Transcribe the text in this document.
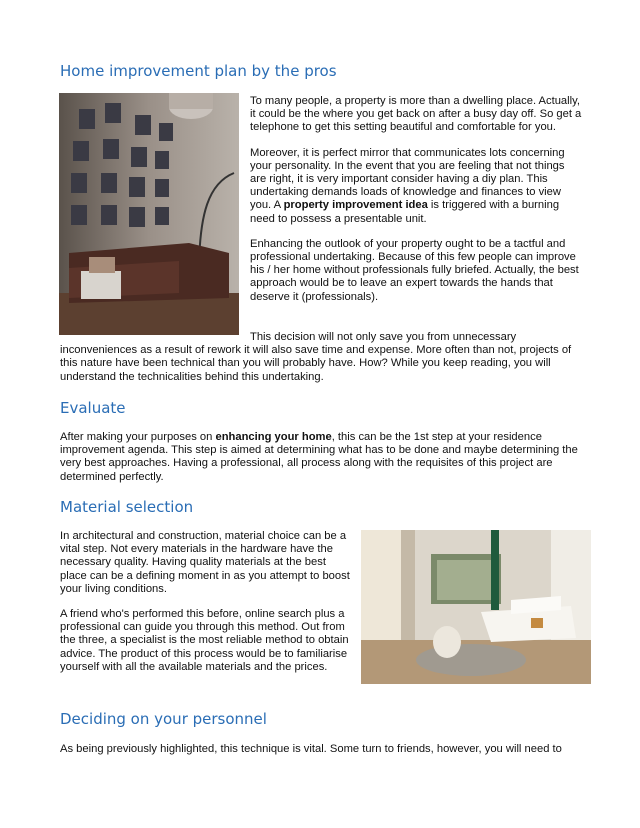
Home improvement plan by the pros

To many people, a property is more than a dwelling place. Actually, it could be the where you get back on after a busy day off. So get a telephone to get this setting beautiful and comfortable for you.

Moreover, it is perfect mirror that communicates lots concerning your personality. In the event that you are feeling that not things are right, it is very important consider having a diy plan. This undertaking demands loads of knowledge and finances to view you. A property improvement idea is triggered with a burning need to possess a presentable unit.

Enhancing the outlook of your property ought to be a tactful and professional undertaking. Because of this few people can improve his / her home without professionals fully briefed. Actually, the best approach would be to leave an expert towards the hands that deserve it (professionals).

This decision will not only save you from unnecessary inconveniences as a result of rework it will also save time and expense. More often than not, projects of this nature have been technical than you will probably have. How? While you keep reading, you will understand the technicalities behind this undertaking.

Evaluate

After making your purposes on enhancing your home, this can be the 1st step at your residence improvement agenda. This step is aimed at determining what has to be done and maybe determining the very best approaches. Having a professional, all process along with the requisites of this project are determined perfectly.

Material selection

In architectural and construction, material choice can be a vital step. Not every materials in the hardware have the necessary quality. Having quality materials at the best place can be a defining moment in as you attempt to boost your living conditions.

A friend who's performed this before, online search plus a professional can guide you through this method. Out from the three, a specialist is the most reliable method to obtain advice. The product of this process would be to familiarise yourself with all the available materials and the prices.

Deciding on your personnel

As being previously highlighted, this technique is vital. Some turn to friends, however, you will need to
